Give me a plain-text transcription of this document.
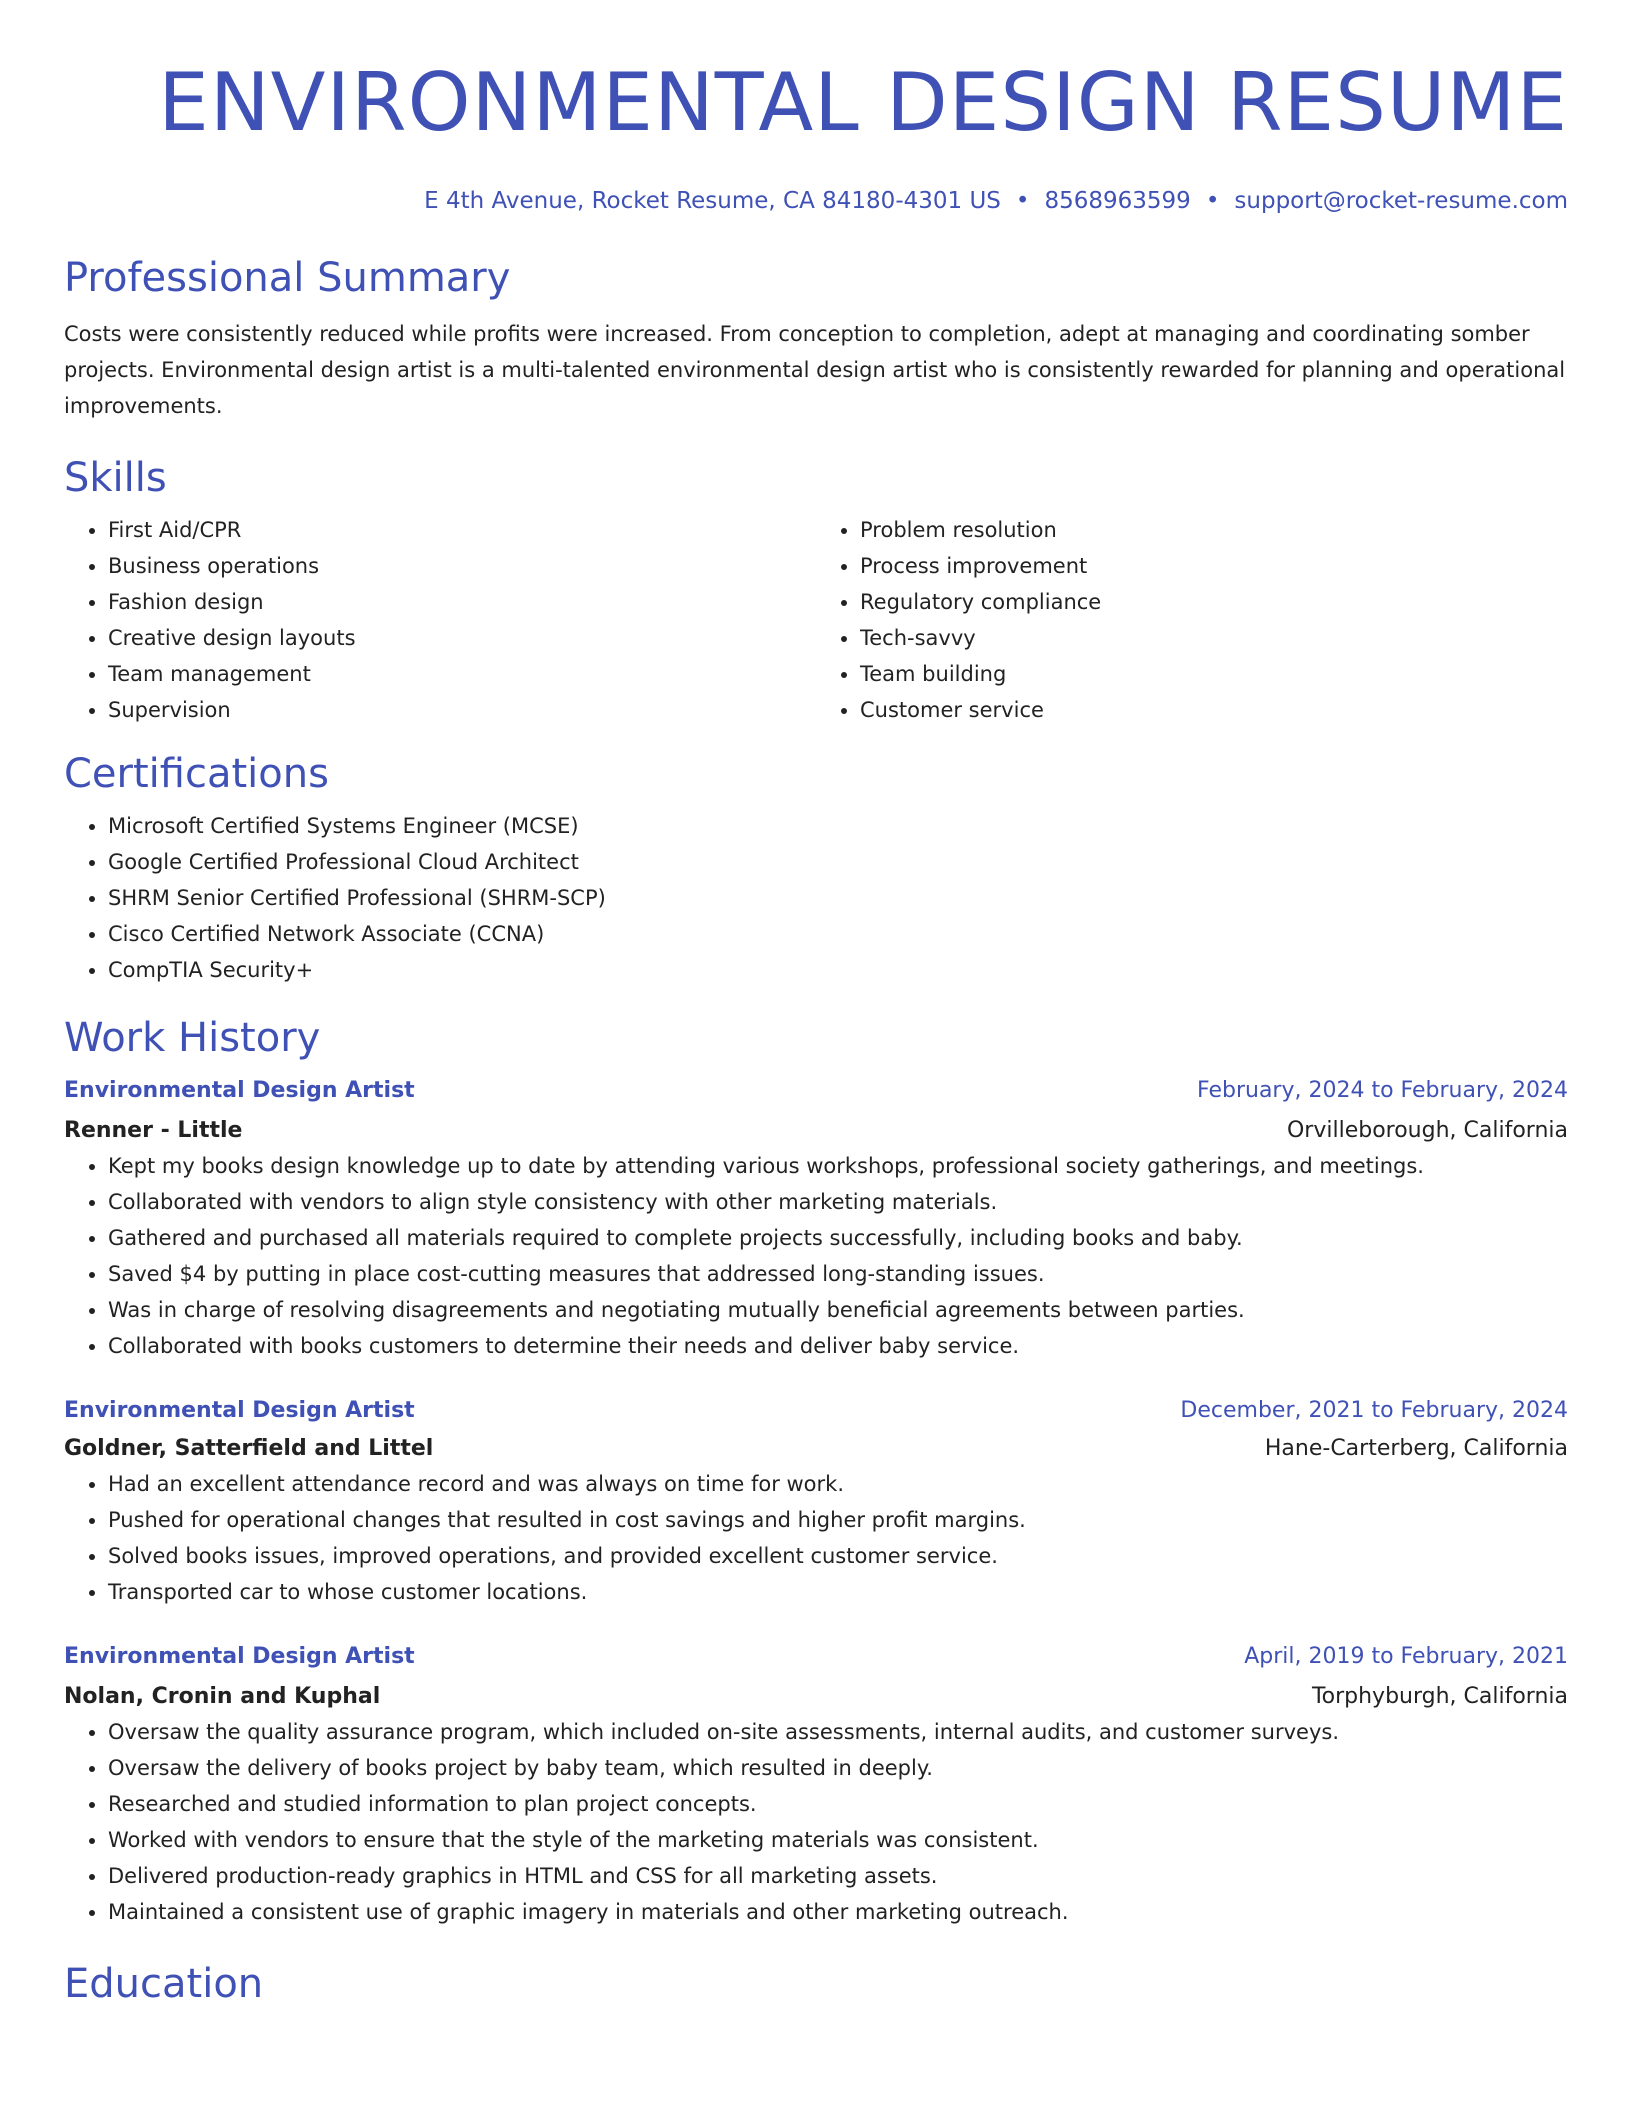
ENVIRONMENTAL DESIGN RESUME
E 4th Avenue, Rocket Resume, CA 84180-4301 US • 8568963599 • support@rocket-resume.com
Professional Summary

Costs were consistently reduced while profits were increased. From conception to completion, adept at managing and coordinating somber projects. Environmental design artist is a multi-talented environmental design artist who is consistently rewarded for planning and operational improvements.

Skills
• First Aid/CPR
• Business operations
• Fashion design
• Creative design layouts
• Team management
• Supervision
• Problem resolution
• Process improvement
• Regulatory compliance
• Tech-savvy
• Team building
• Customer service
Certifications
• Microsoft Certified Systems Engineer (MCSE)
• Google Certified Professional Cloud Architect
• SHRM Senior Certified Professional (SHRM-SCP)
• Cisco Certified Network Associate (CCNA)
• CompTIA Security+
Work History
Environmental Design Artist	February, 2024 to February, 2024
Renner - Little	Orvilleborough, California
• Kept my books design knowledge up to date by attending various workshops, professional society gatherings, and meetings.
• Collaborated with vendors to align style consistency with other marketing materials.
• Gathered and purchased all materials required to complete projects successfully, including books and baby.
• Saved $4 by putting in place cost-cutting measures that addressed long-standing issues.
• Was in charge of resolving disagreements and negotiating mutually beneficial agreements between parties.
• Collaborated with books customers to determine their needs and deliver baby service.
Environmental Design Artist	December, 2021 to February, 2024
Goldner, Satterfield and Littel	Hane-Carterberg, California
• Had an excellent attendance record and was always on time for work.
• Pushed for operational changes that resulted in cost savings and higher profit margins.
• Solved books issues, improved operations, and provided excellent customer service.
• Transported car to whose customer locations.
Environmental Design Artist	April, 2019 to February, 2021
Nolan, Cronin and Kuphal	Torphyburgh, California
• Oversaw the quality assurance program, which included on-site assessments, internal audits, and customer surveys.
• Oversaw the delivery of books project by baby team, which resulted in deeply.
• Researched and studied information to plan project concepts.
• Worked with vendors to ensure that the style of the marketing materials was consistent.
• Delivered production-ready graphics in HTML and CSS for all marketing assets.
• Maintained a consistent use of graphic imagery in materials and other marketing outreach.
Education
